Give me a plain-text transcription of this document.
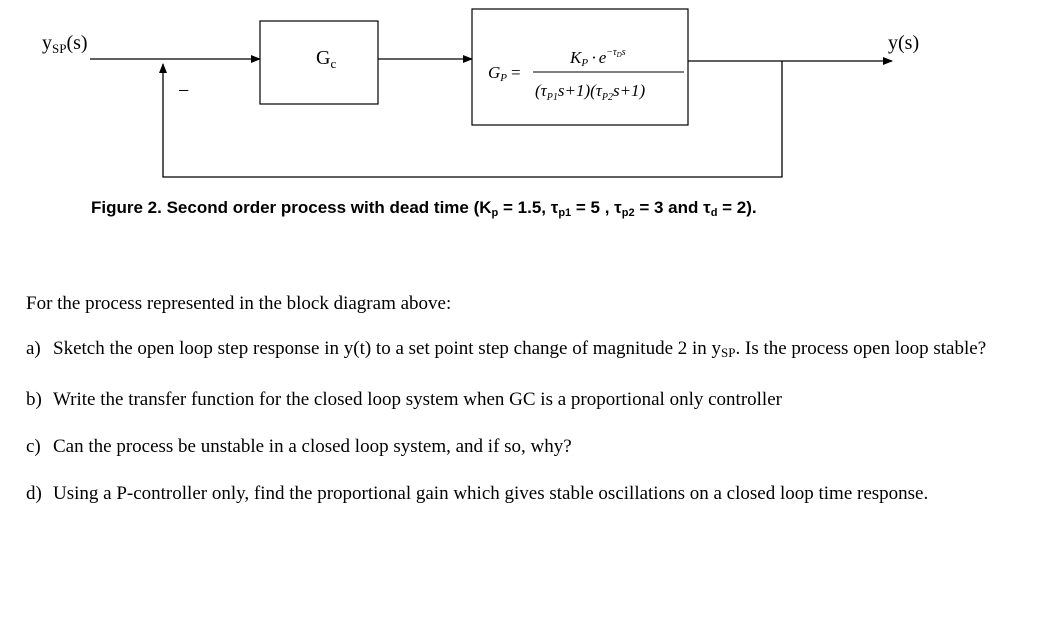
$y_{SP}(s)$
$G_c$	GP =
KP · $e^{-\tau}Ds$
$(\tau_{P1}s+1)(\tau_{P2}s+1)$
y(s)
−

Figure 2. Second order process with dead time ($K_p = 1.5$, $\tau_{p1} = 5$ , $\tau_{p2} = 3$ and $\tau_d = 2$).

For the process represented in the block diagram above:

a) Sketch the open loop step response in y(t) to a set point step change of magnitude 2 in $y_{SP}$. Is the process open loop stable?
b) Write the transfer function for the closed loop system when GC is a proportional only controller
c) Can the process be unstable in a closed loop system, and if so, why?
d) Using a P-controller only, find the proportional gain which gives stable oscillations on a closed loop time response.
